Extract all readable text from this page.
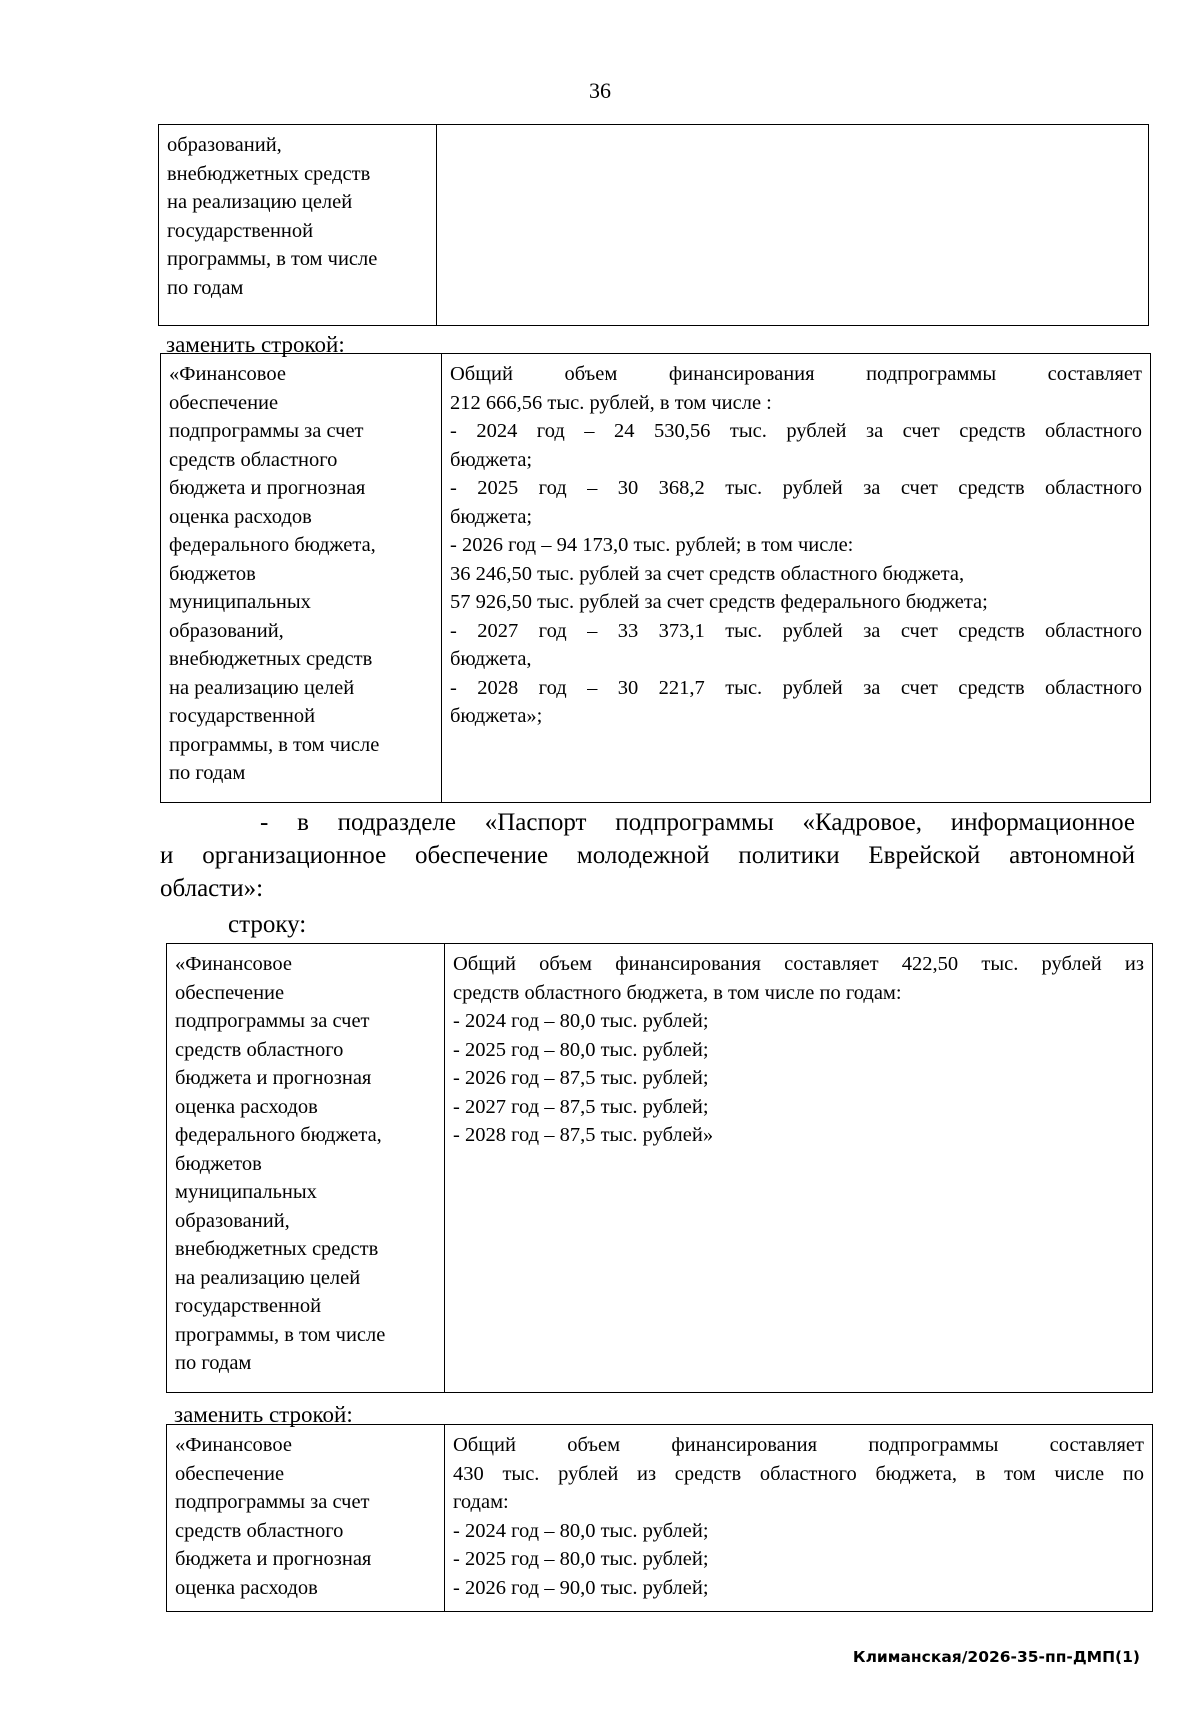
36
образований,
внебюджетных средств
на реализацию целей
государственной
программы, в том числе
по годам

заменить строкой:
«Финансовое
обеспечение
подпрограммы за счет
средств областного
бюджета и прогнозная
оценка расходов
федерального бюджета,
бюджетов
муниципальных
образований,
внебюджетных средств
на реализацию целей
государственной
программы, в том числе
по годам

Общий объем финансирования подпрограммы составляет
212 666,56 тыс. рублей, в том числе :
- 2024 год – 24 530,56 тыс. рублей за счет средств областного
бюджета;
- 2025 год – 30 368,2 тыс. рублей за счет средств областного
бюджета;
- 2026 год – 94 173,0 тыс. рублей; в том числе:
36 246,50 тыс. рублей за счет средств областного бюджета,
57 926,50 тыс. рублей за счет средств федерального бюджета;
- 2027 год – 33 373,1 тыс. рублей за счет средств областного
бюджета,
- 2028 год – 30 221,7 тыс. рублей за счет средств областного
бюджета»;
- в подразделе «Паспорт подпрограммы «Кадровое, информационное
и организационное обеспечение молодежной политики Еврейской автономной
области»:
строку:
«Финансовое
обеспечение
подпрограммы за счет
средств областного
бюджета и прогнозная
оценка расходов
федерального бюджета,
бюджетов
муниципальных
образований,
внебюджетных средств
на реализацию целей
государственной
программы, в том числе
по годам

Общий объем финансирования составляет 422,50 тыс. рублей из
средств областного бюджета, в том числе по годам:
- 2024 год – 80,0 тыс. рублей;
- 2025 год – 80,0 тыс. рублей;
- 2026 год – 87,5 тыс. рублей;
- 2027 год – 87,5 тыс. рублей;
- 2028 год – 87,5 тыс. рублей»
заменить строкой:
«Финансовое
обеспечение
подпрограммы за счет
средств областного
бюджета и прогнозная
оценка расходов

Общий объем финансирования подпрограммы составляет
430 тыс. рублей из средств областного бюджета, в том числе по
годам:
- 2024 год – 80,0 тыс. рублей;
- 2025 год – 80,0 тыс. рублей;
- 2026 год – 90,0 тыс. рублей;
Климанская/2026-35-пп-ДМП(1)
